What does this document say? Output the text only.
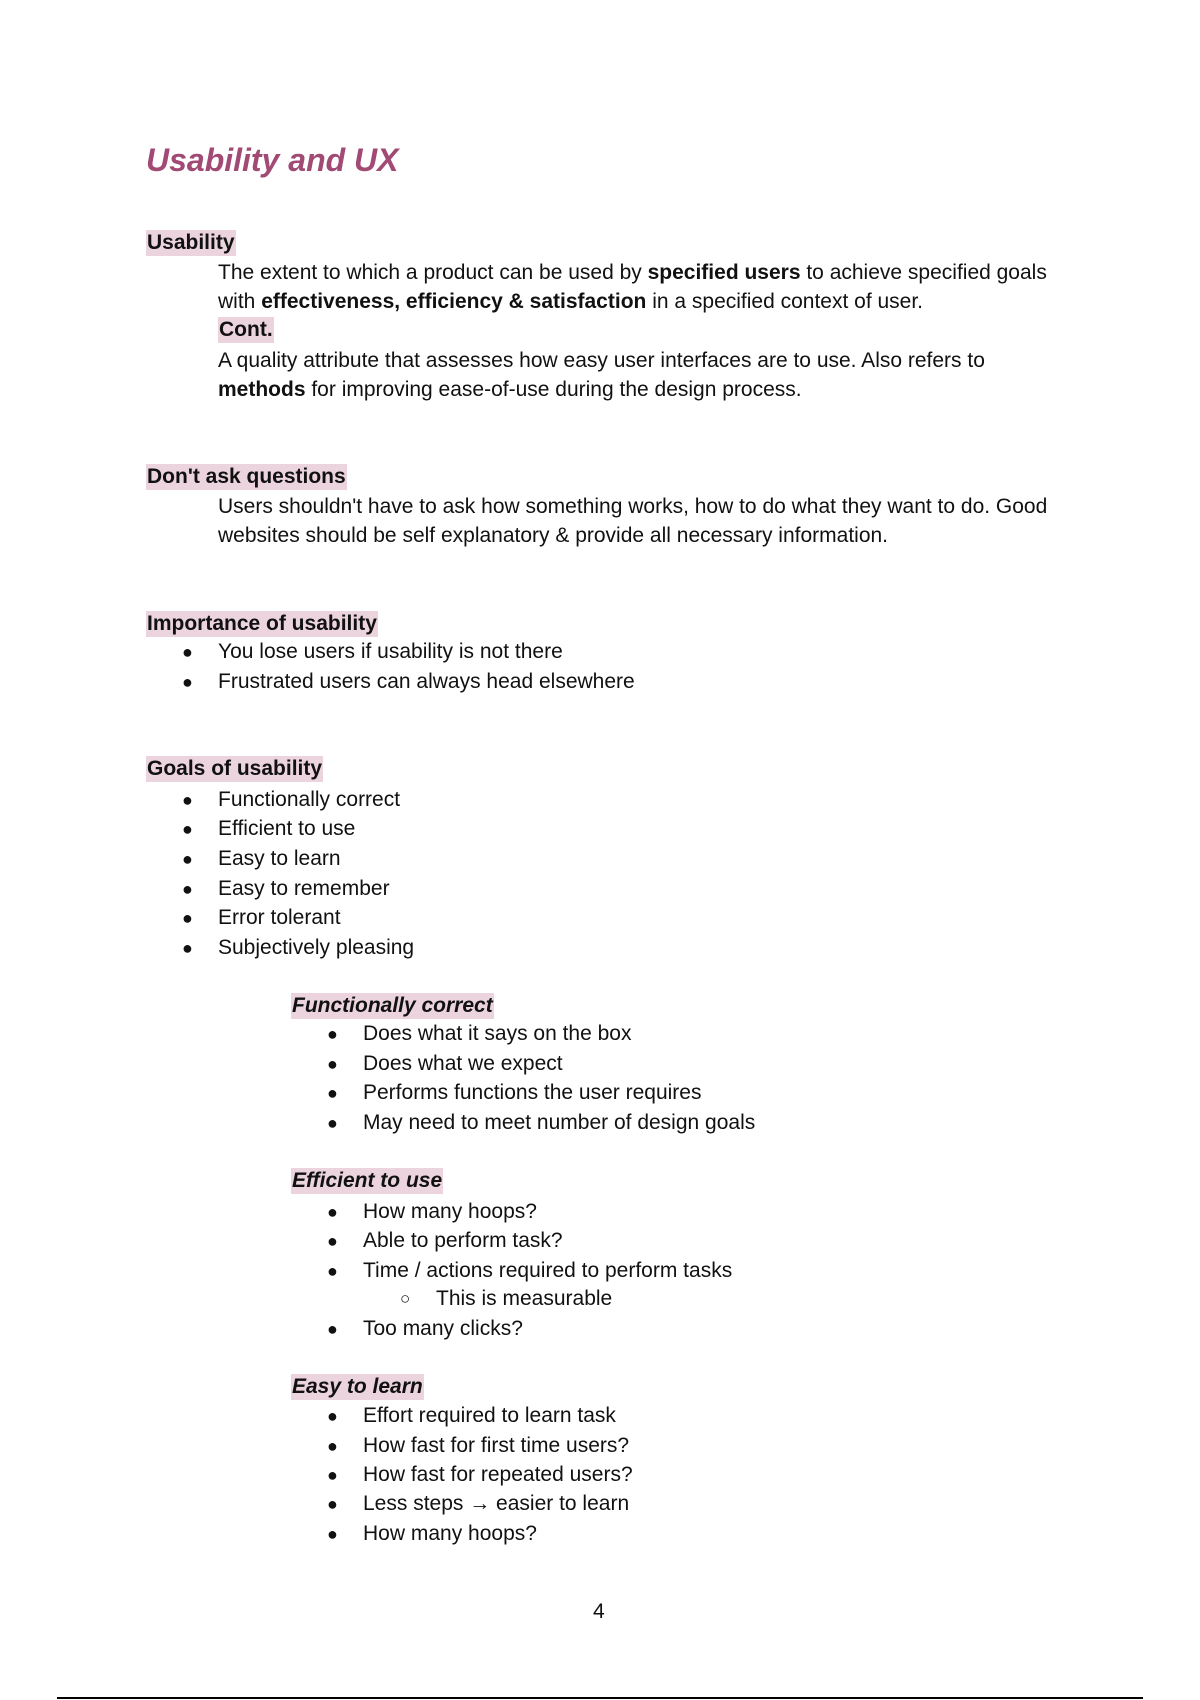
Usability and UX
Usability

The extent to which a product can be used by specified users to achieve specified goals with effectiveness, efficiency & satisfaction in a specified context of user.

Cont.

A quality attribute that assesses how easy user interfaces are to use. Also refers to methods for improving ease-of-use during the design process.

Don't ask questions

Users shouldn't have to ask how something works, how to do what they want to do. Good websites should be self explanatory & provide all necessary information.

Importance of usability
● You lose users if usability is not there
● Frustrated users can always head elsewhere
Goals of usability
● Functionally correct
● Efficient to use
● Easy to learn
● Easy to remember
● Error tolerant
● Subjectively pleasing
Functionally correct
● Does what it says on the box
● Does what we expect
● Performs functions the user requires
● May need to meet number of design goals
Efficient to use
● How many hoops?
● Able to perform task?
● Time / actions required to perform tasks
○ This is measurable
● Too many clicks?
Easy to learn
● Effort required to learn task
● How fast for first time users?
● How fast for repeated users?
● Less steps → easier to learn
● How many hoops?
4
